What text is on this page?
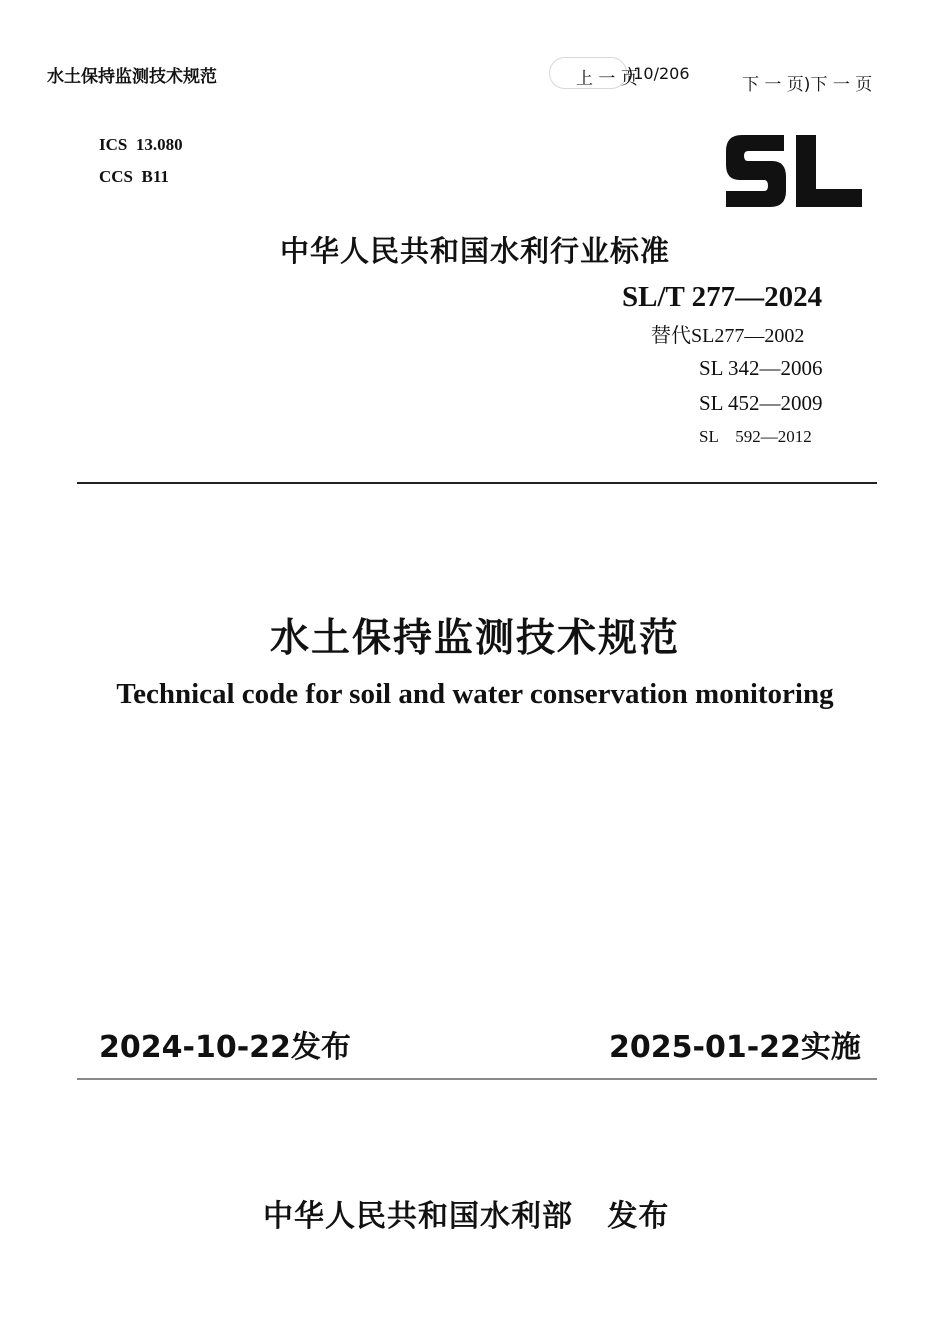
水土保持监测技术规范	上 一 页
)10/206
下 一 页)下 一 页
ICS  13.080
CCS  B11
中华人民共和国水利行业标准
SL/T 277—2024
替代SL277—2002
SL 342—2006
SL 452—2009
SL    592—2012
水土保持监测技术规范
Technical code for soil and water conservation monitoring
2024-10-22发布	2025-01-22实施
中华人民共和国水利部   发布
